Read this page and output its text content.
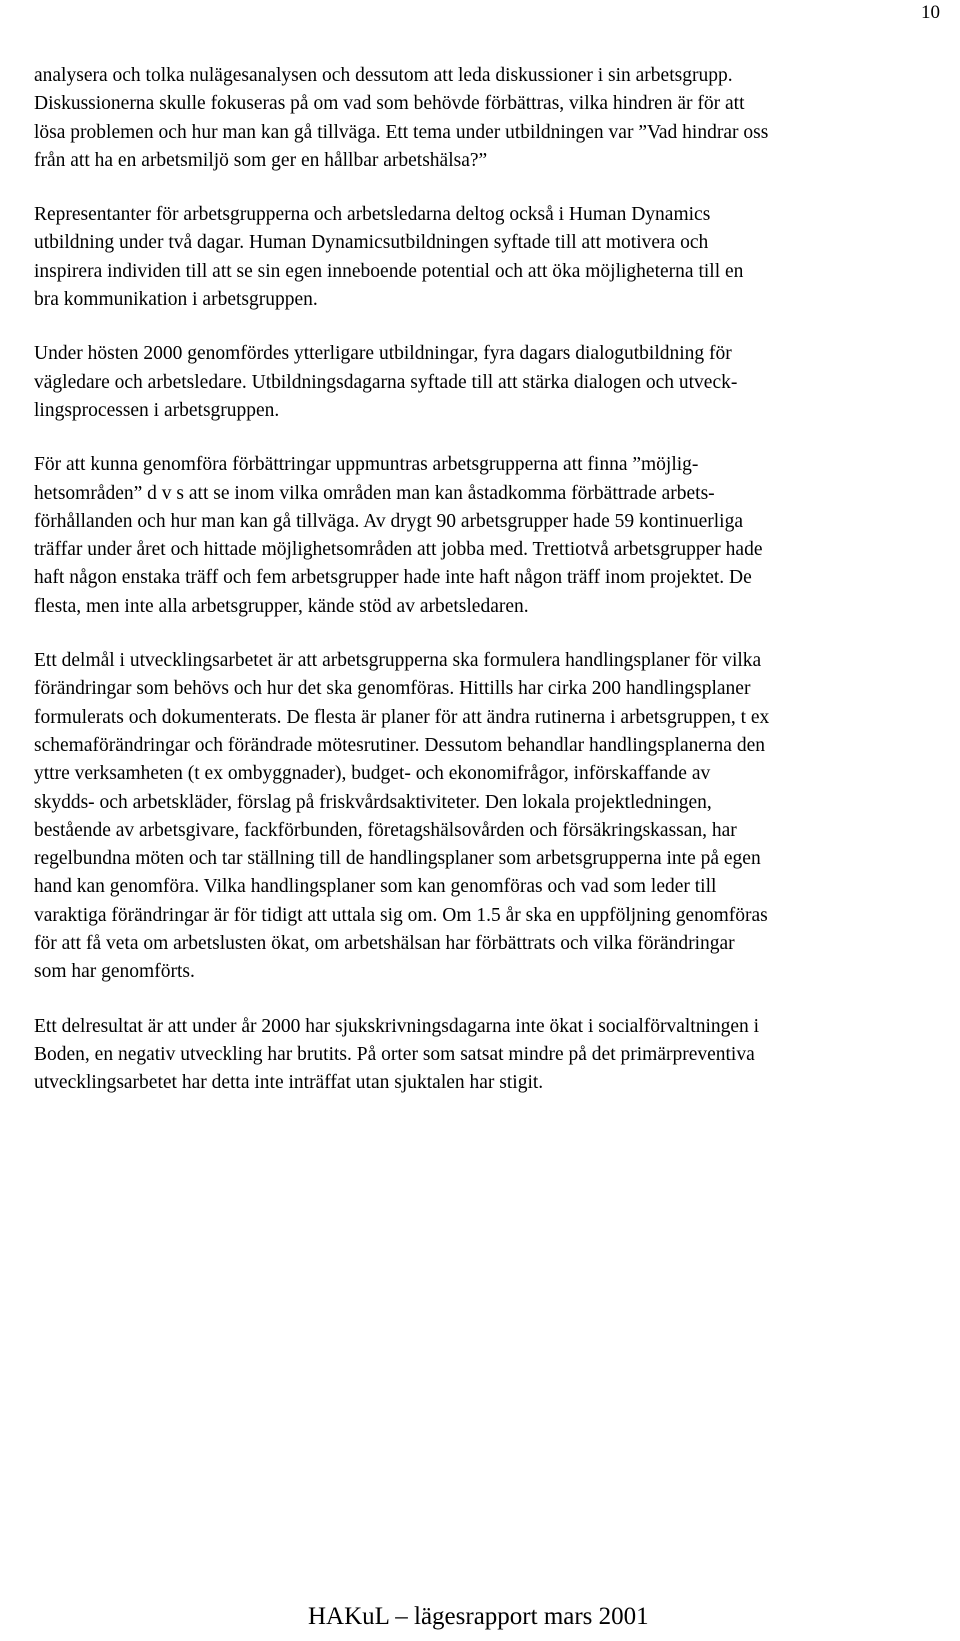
10

analysera och tolka nulägesanalysen och dessutom att leda diskussioner i sin arbetsgrupp.
Diskussionerna skulle fokuseras på om vad som behövde förbättras, vilka hindren är för att
lösa problemen och hur man kan gå tillväga. Ett tema under utbildningen var ”Vad hindrar oss
från att ha en arbetsmiljö som ger en hållbar arbetshälsa?”

Representanter för arbetsgrupperna och arbetsledarna deltog också i Human Dynamics
utbildning under två dagar. Human Dynamicsutbildningen syftade till att motivera och
inspirera individen till att se sin egen inneboende potential och att öka möjligheterna till en
bra kommunikation i arbetsgruppen.

Under hösten 2000 genomfördes ytterligare utbildningar, fyra dagars dialogutbildning för
vägledare och arbetsledare. Utbildningsdagarna syftade till att stärka dialogen och utveck-
lingsprocessen i arbetsgruppen.

För att kunna genomföra förbättringar uppmuntras arbetsgrupperna att finna ”möjlig-
hetsområden” d v s att se inom vilka områden man kan åstadkomma förbättrade arbets-
förhållanden och hur man kan gå tillväga. Av drygt 90 arbetsgrupper hade 59 kontinuerliga
träffar under året och hittade möjlighetsområden att jobba med. Trettiotvå arbetsgrupper hade
haft någon enstaka träff och fem arbetsgrupper hade inte haft någon träff inom projektet. De
flesta, men inte alla arbetsgrupper, kände stöd av arbetsledaren.

Ett delmål i utvecklingsarbetet är att arbetsgrupperna ska formulera handlingsplaner för vilka
förändringar som behövs och hur det ska genomföras. Hittills har cirka 200 handlingsplaner
formulerats och dokumenterats. De flesta är planer för att ändra rutinerna i arbetsgruppen, t ex
schemaförändringar och förändrade mötesrutiner. Dessutom behandlar handlingsplanerna den
yttre verksamheten (t ex ombyggnader), budget- och ekonomifrågor, införskaffande av
skydds- och arbetskläder, förslag på friskvårdsaktiviteter. Den lokala projektledningen,
bestående av arbetsgivare, fackförbunden, företagshälsovården och försäkringskassan, har
regelbundna möten och tar ställning till de handlingsplaner som arbetsgrupperna inte på egen
hand kan genomföra. Vilka handlingsplaner som kan genomföras och vad som leder till
varaktiga förändringar är för tidigt att uttala sig om. Om 1.5 år ska en uppföljning genomföras
för att få veta om arbetslusten ökat, om arbetshälsan har förbättrats och vilka förändringar
som har genomförts.

Ett delresultat är att under år 2000 har sjukskrivningsdagarna inte ökat i socialförvaltningen i
Boden, en negativ utveckling har brutits. På orter som satsat mindre på det primärpreventiva
utvecklingsarbetet har detta inte inträffat utan sjuktalen har stigit.

HAKuL – lägesrapport mars 2001
